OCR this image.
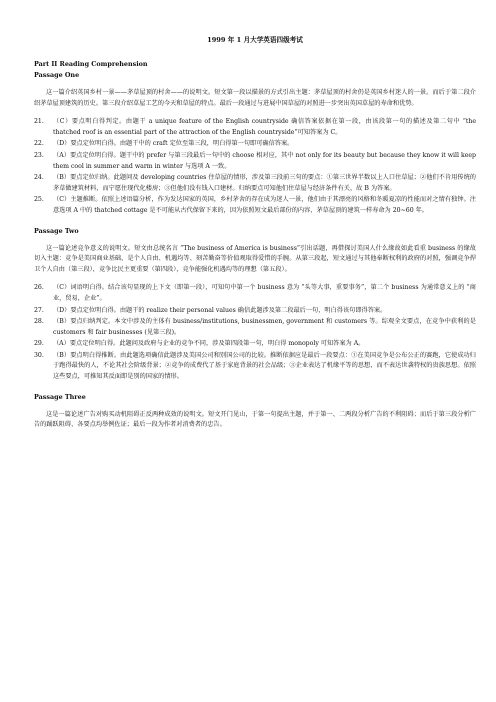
1999 年 1 月大学英语四级考试
Part II Reading Comprehension
Passage One

这一篇介绍英国乡村一景——茅草屋顶的村舍——的说明文。短文第一段以描景的方式引出主题：茅草屋顶的村舍仍是英国乡村迷人的一景。而后于第二段介绍茅草屋顶建筑的历史。第三段介绍草屋工艺的今天和草屋的特点。最后一段通过与进展中国草屋的对照进一步突出英国草屋的寿命和优势。

21.	（C）要点明白得判定。由题干 a unique feature of the English countryside 确信答案依据在第一段，由该段第一句的描述及第二句中 “the thatched roof is an essential part of the attraction of the English countryside”可知答案为 C。
22.	（D）要点定位明白得。由题干中的 craft 定位至第三段，明白得第一句即可确信答案。
23.	（A）要点定位明白得。题干中的 prefer 与第三段最后一句中的 choose 相对应，其中 not only for its beauty but because they know it will keep them cool in summer and warm in winter 与选项 A 一致。
24.	（B）要点定位归纳。此题问及 developing countries 住草屋的情形，涉及第三段前三句的要点：①第三世界半数以上人口住草屋；②他们不肯用传统的茅草做建筑材料，而宁愿住现代化楼房；③但他们没有钱入口建材。归纳要点可知他们住草屋与经济条件有关，故 B 为答案。
25.	（C）主题推断。依照上述语篇分析，作为发达国家的英国，乡村茅舍的存在成为迷人一景，他们由于其漂亮的风格和冬暖夏凉的性能而对之情有独钟。注意选项 A 中的 thatched cottage 是不可能从古代保留下来的，因为依照短文最后部份的内容，茅草屋顶的建筑一样寿命为 20~60 年。
Passage Two

这一篇论述竞争意义的说明文。短文由总统名言 “The business of America is business”引出话题，再借探讨美国人什么缘故如此看重 business 的缘故切入主题：竞争是美国商业基础，是个人自由、机遇均等、刻苦勤奋等价值观取得爱惜的手腕。从第三段起，短文通过与其他奉断权利的政府的对照，强调竞争捍卫个人自由（第三段），竞争比民主更重要（第四段），竞争能强化机遇均等的理想（第五段）。

26.	（C）词语明白得。结合该句显现的上下文（即第一段），可知句中第一个 business 意为 “头等大事，重要事务”，第二个 business 为通常意义上的 “商业，贸易，企业”。
27.	（D）要点定位明白得。由题干的 realize their personal values 确信此题涉及第二段最后一句，明白得该句即得答案。
28.	（B）要点归纳判定。本文中涉及的主体有 business/institutions, businessmen, government 和 customers 等。综观全文要点，在竞争中获利的是 customers 和 fair businesses (见第三段)。
29.	（A）要点定位明白得。此题问及政府与企业的竞争不同，涉及第四段第一句，明白得 monopoly 可知答案为 A。
30.	（B）要点明白得推断。由此题选项确信此题涉及美国公司和别国公司的比较。推断依据应是最后一段要点：①在美国竞争是公布公正的赛跑，它使成功归于跑得最快的人，不论其社会阶级背景；②竞争的成费代了基于家庭背景的社会品级；③企业表达了机缘平等的思想，而不表达世袭特权的贵族思想。依照这些要点，可推知其反面即是别的国家的情形。
Passage Three

这是一篇论述广告对购买动机阻碍正反两种成效的说明文。短文开门见山，于第一句提出主题，并于第一、二两段分析广告的不利阻碍；而后于第三段分析广告的踊跃阻碍，各要点均举例佐证；最后一段为作者对消费者的忠告。
